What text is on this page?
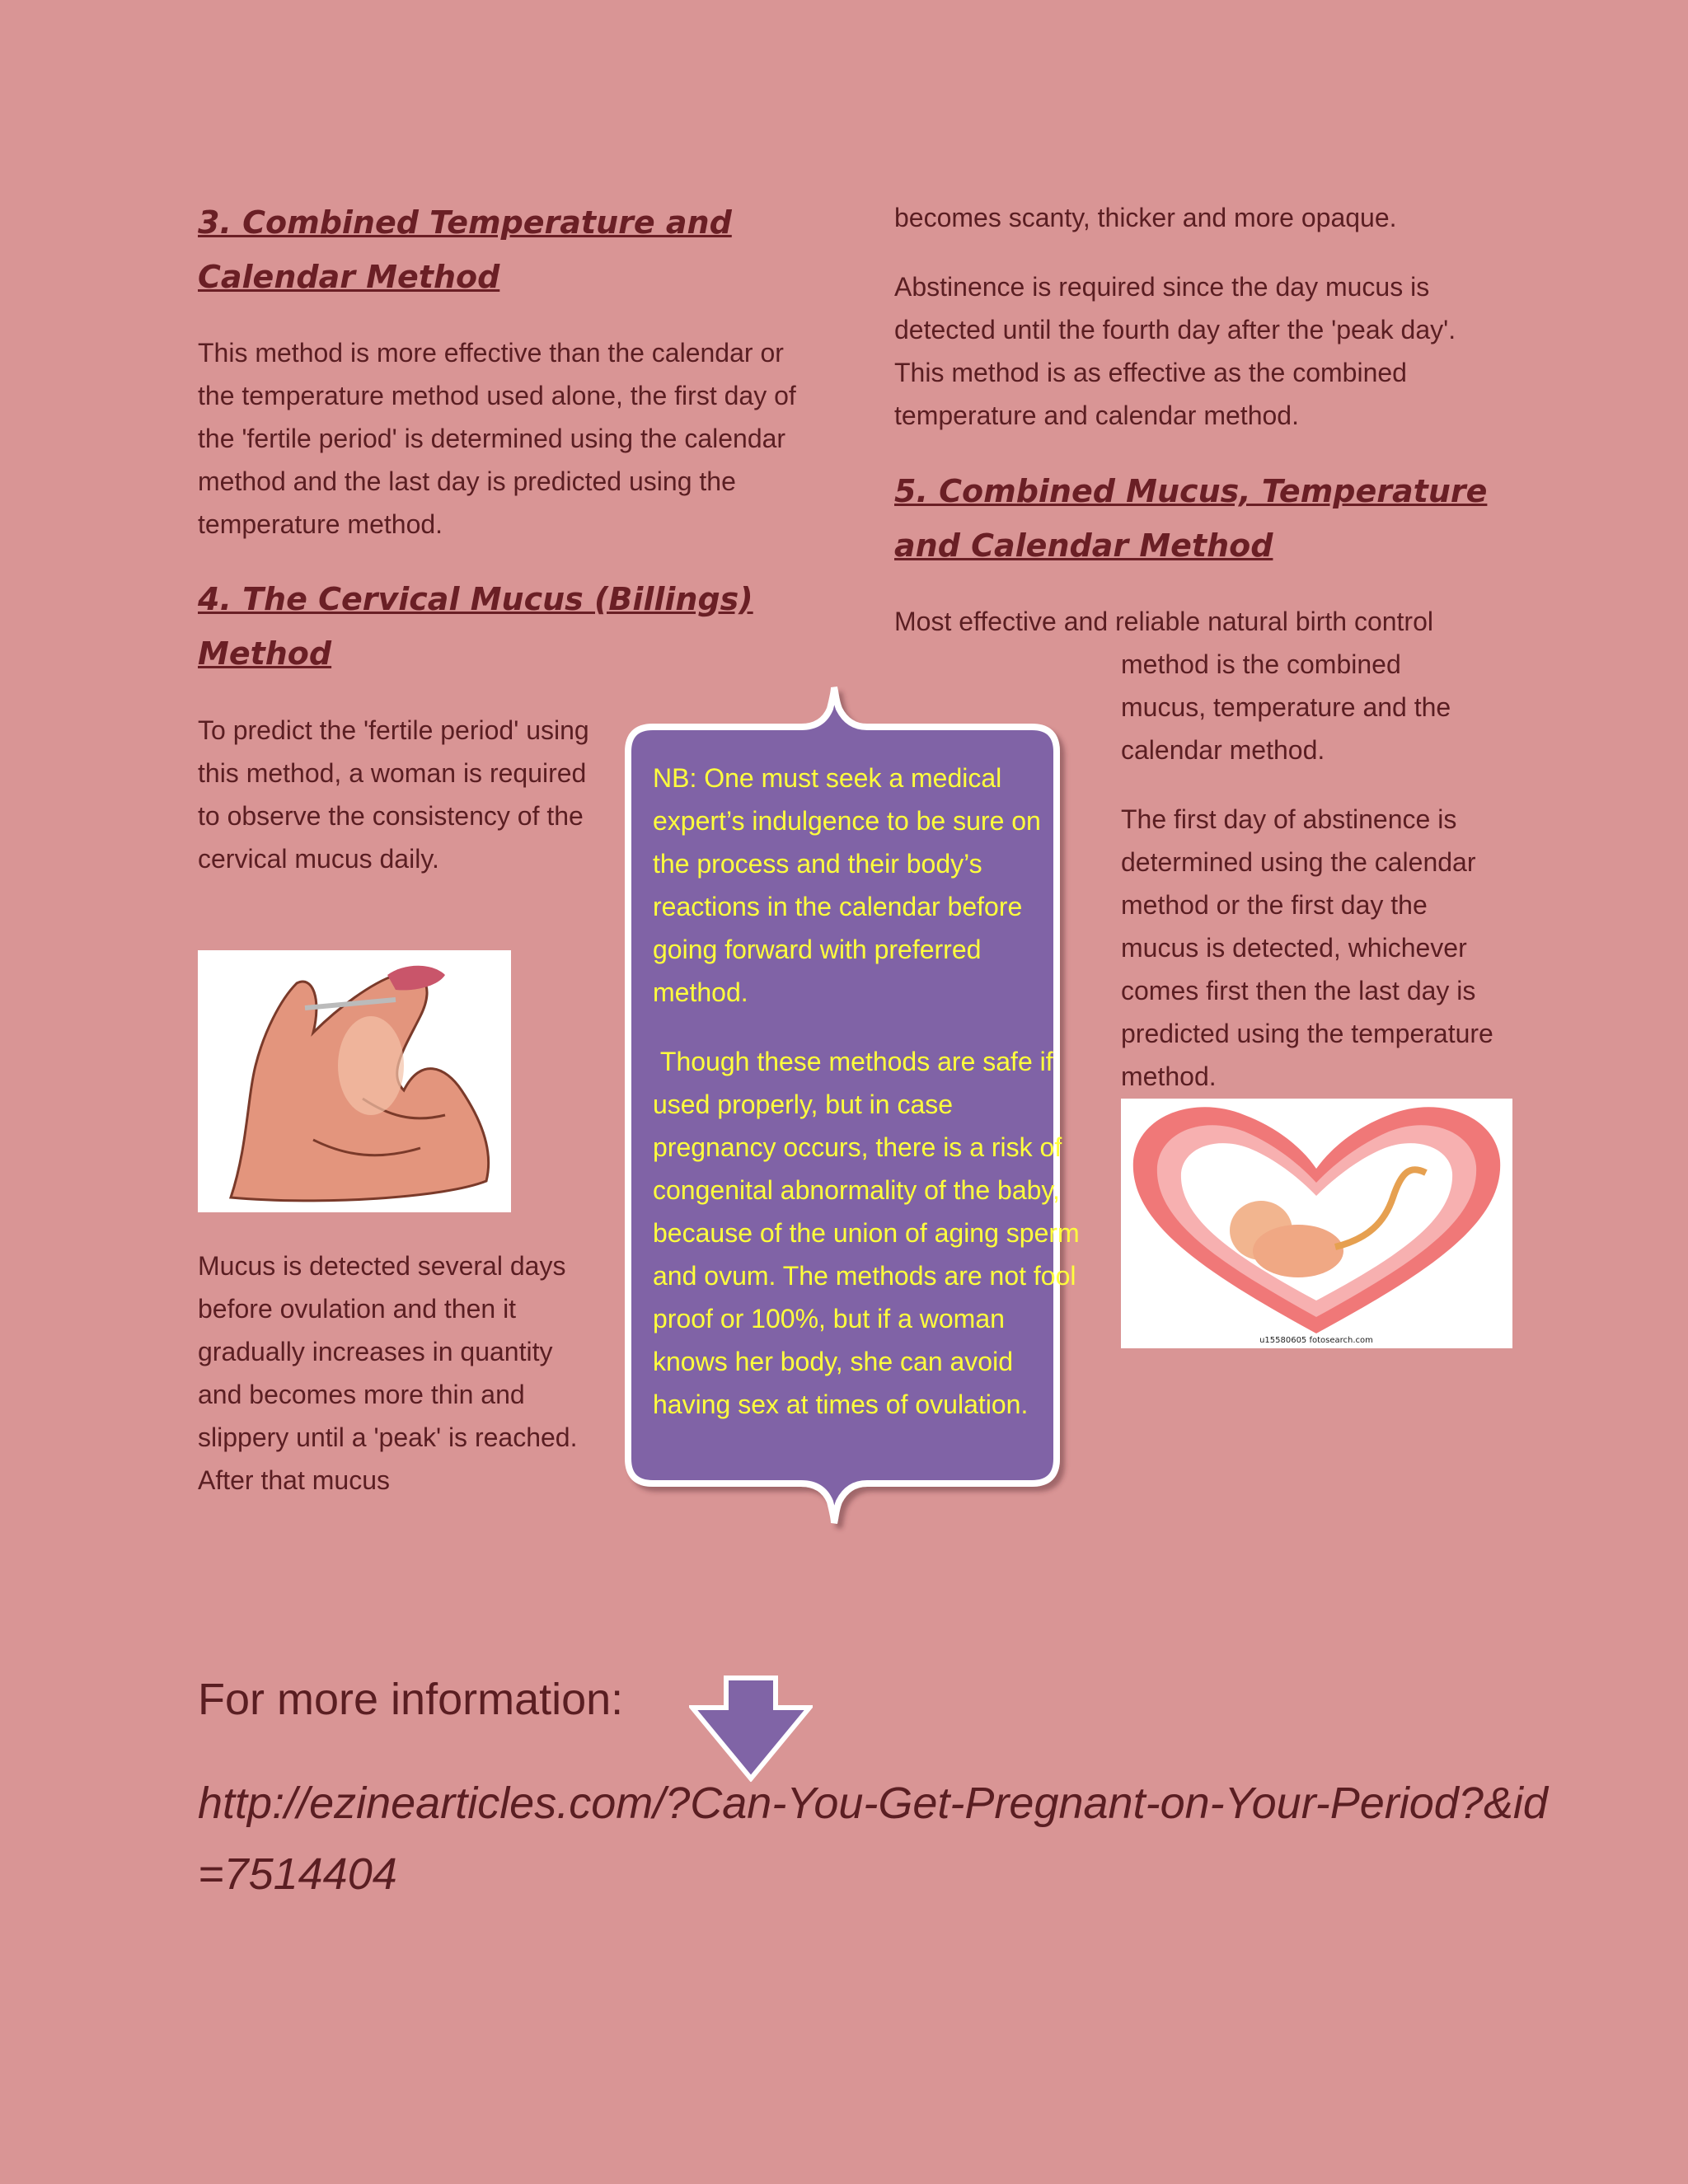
3. Combined Temperature and
Calendar Method

This method is more effective than the calendar or the temperature method used alone, the first day of the 'fertile period' is determined using the calendar method and the last day is predicted using the temperature method.

4. The Cervical Mucus (Billings)
Method

To predict the 'fertile period' using this method, a woman is required to observe the consistency of the cervical mucus daily.

Mucus is detected several days before ovulation and then it gradually increases in quantity and becomes more thin and slippery until a 'peak' is reached. After that mucus

NB: One must seek a medical expert’s indulgence to be sure on the process and their body’s reactions in the calendar before going forward with preferred method.

Though these methods are safe if used properly, but in case pregnancy occurs, there is a risk of congenital abnormality of the baby, because of the union of aging sperm and ovum. The methods are not fool proof or 100%, but if a woman knows her body, she can avoid having sex at times of ovulation.

becomes scanty, thicker and more opaque.

Abstinence is required since the day mucus is detected until the fourth day after the 'peak day'. This method is as effective as the combined temperature and calendar method.

5. Combined Mucus, Temperature
and Calendar Method

Most effective and reliable natural birth control

method is the combined mucus, temperature and the calendar method.

The first day of abstinence is determined using the calendar method or the first day the mucus is detected, whichever comes first then the last day is predicted using the temperature method.

u15580605 fotosearch.com

For more information:

http://ezinearticles.com/?Can-You-Get-Pregnant-on-Your-Period?&id=7514404
